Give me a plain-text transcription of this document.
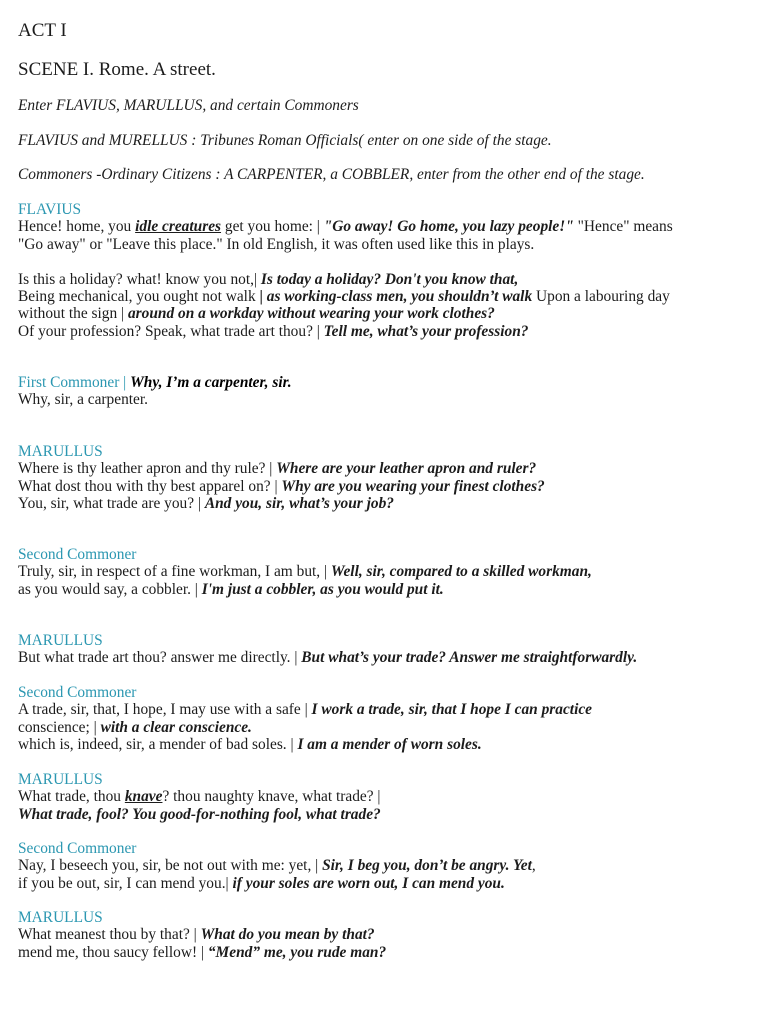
ACT I
SCENE I. Rome. A street.
Enter FLAVIUS, MARULLUS, and certain Commoners
FLAVIUS and MURELLUS : Tribunes Roman Officials( enter on one side of the stage.
Commoners -Ordinary Citizens : A CARPENTER, a COBBLER, enter from the other end of the stage.
FLAVIUS
Hence! home, you idle creatures get you home: | "Go away! Go home, you lazy people!" "Hence" means
"Go away" or "Leave this place." In old English, it was often used like this in plays.
Is this a holiday? what! know you not,| Is today a holiday? Don't you know that,
Being mechanical, you ought not walk | as working-class men, you shouldn’t walk Upon a labouring day
without the sign | around on a workday without wearing your work clothes?
Of your profession? Speak, what trade art thou? | Tell me, what’s your profession?
First Commoner | Why, I’m a carpenter, sir.
Why, sir, a carpenter.
MARULLUS
Where is thy leather apron and thy rule? | Where are your leather apron and ruler?
What dost thou with thy best apparel on? | Why are you wearing your finest clothes?
You, sir, what trade are you? | And you, sir, what’s your job?
Second Commoner
Truly, sir, in respect of a fine workman, I am but, | Well, sir, compared to a skilled workman,
as you would say, a cobbler. | I'm just a cobbler, as you would put it.
MARULLUS
But what trade art thou? answer me directly. | But what’s your trade? Answer me straightforwardly.
Second Commoner
A trade, sir, that, I hope, I may use with a safe | I work a trade, sir, that I hope I can practice
conscience; | with a clear conscience.
which is, indeed, sir, a mender of bad soles. | I am a mender of worn soles.
MARULLUS
What trade, thou knave? thou naughty knave, what trade? |
What trade, fool? You good-for-nothing fool, what trade?
Second Commoner
Nay, I beseech you, sir, be not out with me: yet, | Sir, I beg you, don’t be angry. Yet,
if you be out, sir, I can mend you.| if your soles are worn out, I can mend you.
MARULLUS
What meanest thou by that? | What do you mean by that?
mend me, thou saucy fellow! | “Mend” me, you rude man?
